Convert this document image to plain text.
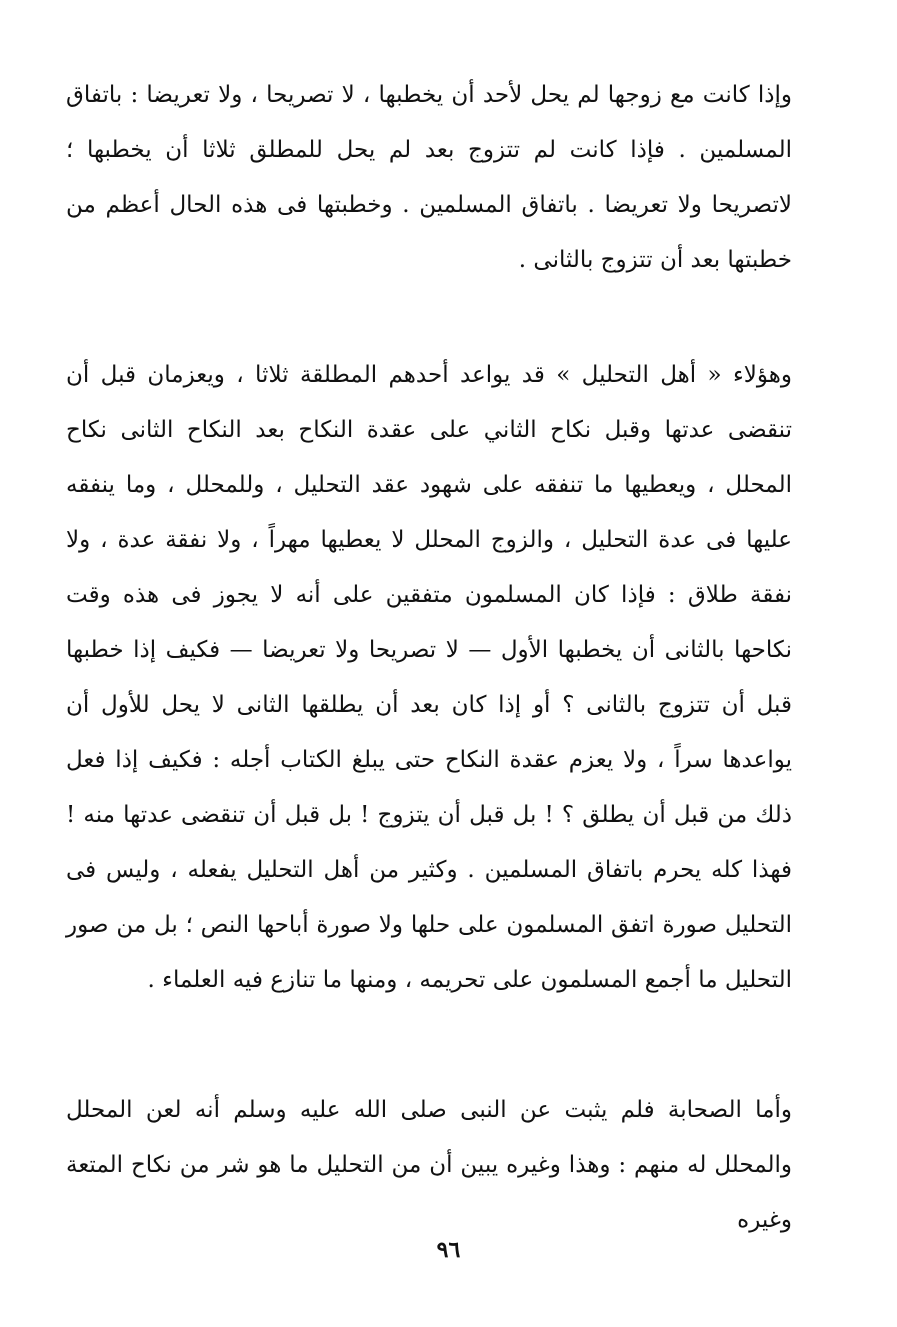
وإذا كانت مع زوجها لم يحل لأحد أن يخطبها ، لا تصريحا ، ولا تعريضا : باتفاق المسلمين . فإذا كانت لم تتزوج بعد لم يحل للمطلق ثلاثا أن يخطبها ؛ لاتصريحا ولا تعريضا . باتفاق المسلمين . وخطبتها فى هذه الحال أعظم من خطبتها بعد أن تتزوج بالثانى .

وهؤلاء « أهل التحليل » قد يواعد أحدهم المطلقة ثلاثا ، ويعزمان قبل أن تنقضى عدتها وقبل نكاح الثاني على عقدة النكاح بعد النكاح الثانى نكاح المحلل ، ويعطيها ما تنفقه على شهود عقد التحليل ، وللمحلل ، وما ينفقه عليها فى عدة التحليل ، والزوج المحلل لا يعطيها مهراً ، ولا نفقة عدة ، ولا نفقة طلاق : فإذا كان المسلمون متفقين على أنه لا يجوز فى هذه وقت نكاحها بالثانى أن يخطبها الأول — لا تصريحا ولا تعريضا — فكيف إذا خطبها قبل أن تتزوج بالثانى ؟ أو إذا كان بعد أن يطلقها الثانى لا يحل للأول أن يواعدها سراً ، ولا يعزم عقدة النكاح حتى يبلغ الكتاب أجله : فكيف إذا فعل ذلك من قبل أن يطلق ؟ ! بل قبل أن يتزوج ! بل قبل أن تنقضى عدتها منه ! فهذا كله يحرم باتفاق المسلمين . وكثير من أهل التحليل يفعله ، وليس فى التحليل صورة اتفق المسلمون على حلها ولا صورة أباحها النص ؛ بل من صور التحليل ما أجمع المسلمون على تحريمه ، ومنها ما تنازع فيه العلماء .

وأما الصحابة فلم يثبت عن النبى صلى الله عليه وسلم أنه لعن المحلل والمحلل له منهم : وهذا وغيره يبين أن من التحليل ما هو شر من نكاح المتعة وغيره

٩٦
